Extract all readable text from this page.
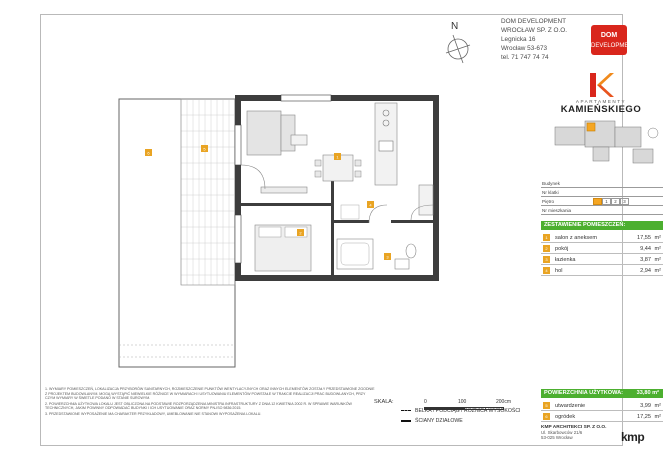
1
2
3
4
5
6
N	DOM DEVELOPMENT
WROCŁAW SP. Z O.O.
Legnicka 16
Wrocław 53-673
tel. 71 747 74 74
DOM
DEVELOPMENT
APARTAMENTY
KAMIEŃSKIEGO
Budynek
Nr klatki
Piętro	1	2	3
Nr mieszkania
ZESTAWIENIE POMIESZCZEŃ:
1	salon z aneksem	17,55 m²
2	pokój	9,44 m²
3	łazienka	3,87 m²
4	hol	2,94 m²
POWIERZCHNIA UŻYTKOWA: 33,80 m²
5	utwardzenie	3,99 m²
6	ogródek	17,25 m²

1. WYMIARY POMIESZCZEŃ, LOKALIZACJA PRZYBORÓW SANITARNYCH, ROZMIESZCZENIE PUNKTÓW WENTYLACYJNYCH ORAZ INNYCH ELEMENTÓW ZOSTAŁY PRZEDSTAWIONE ZGODNIE Z PROJEKTEM BUDOWLANYM. MOGĄ WYSTĄPIĆ NIEWIELKIE RÓŻNICE W WYMIARACH I USYTUOWANIU ELEMENTÓW POWSTAŁE W TRAKCIE REALIZACJI PRAC BUDOWLANYCH, PRZY CZYM WYMIARY W ŚWIETLE PODANO W STANIE SUROWYM.

2. POWIERZCHNIA UŻYTKOWA LOKALU JEST OBLICZONA NA PODSTAWIE ROZPORZĄDZENIA MINISTRA INFRASTRUKTURY Z DNIA 12 KWIETNIA 2002 R. W SPRAWIE WARUNKÓW TECHNICZNYCH, JAKIM POWINNY ODPOWIADAĆ BUDYNKI I ICH USYTUOWANIE ORAZ NORMY PN-ISO 9836:2015.

3. PRZEDSTAWIONE WYPOSAŻENIE MA CHARAKTER PRZYKŁADOWY, UMEBLOWANIE NIE STANOWI WYPOSAŻENIA LOKALU.

SKALA:	0	100	200cm
BELKA / PODCIĄG / RÓŻNICA WYSOKOŚCI
ŚCIANY DZIAŁOWE
KMP ARCHITEKCI SP. Z O.O.
Ul. Skarbowców 21/6
53-025 Wrocław	kmp
